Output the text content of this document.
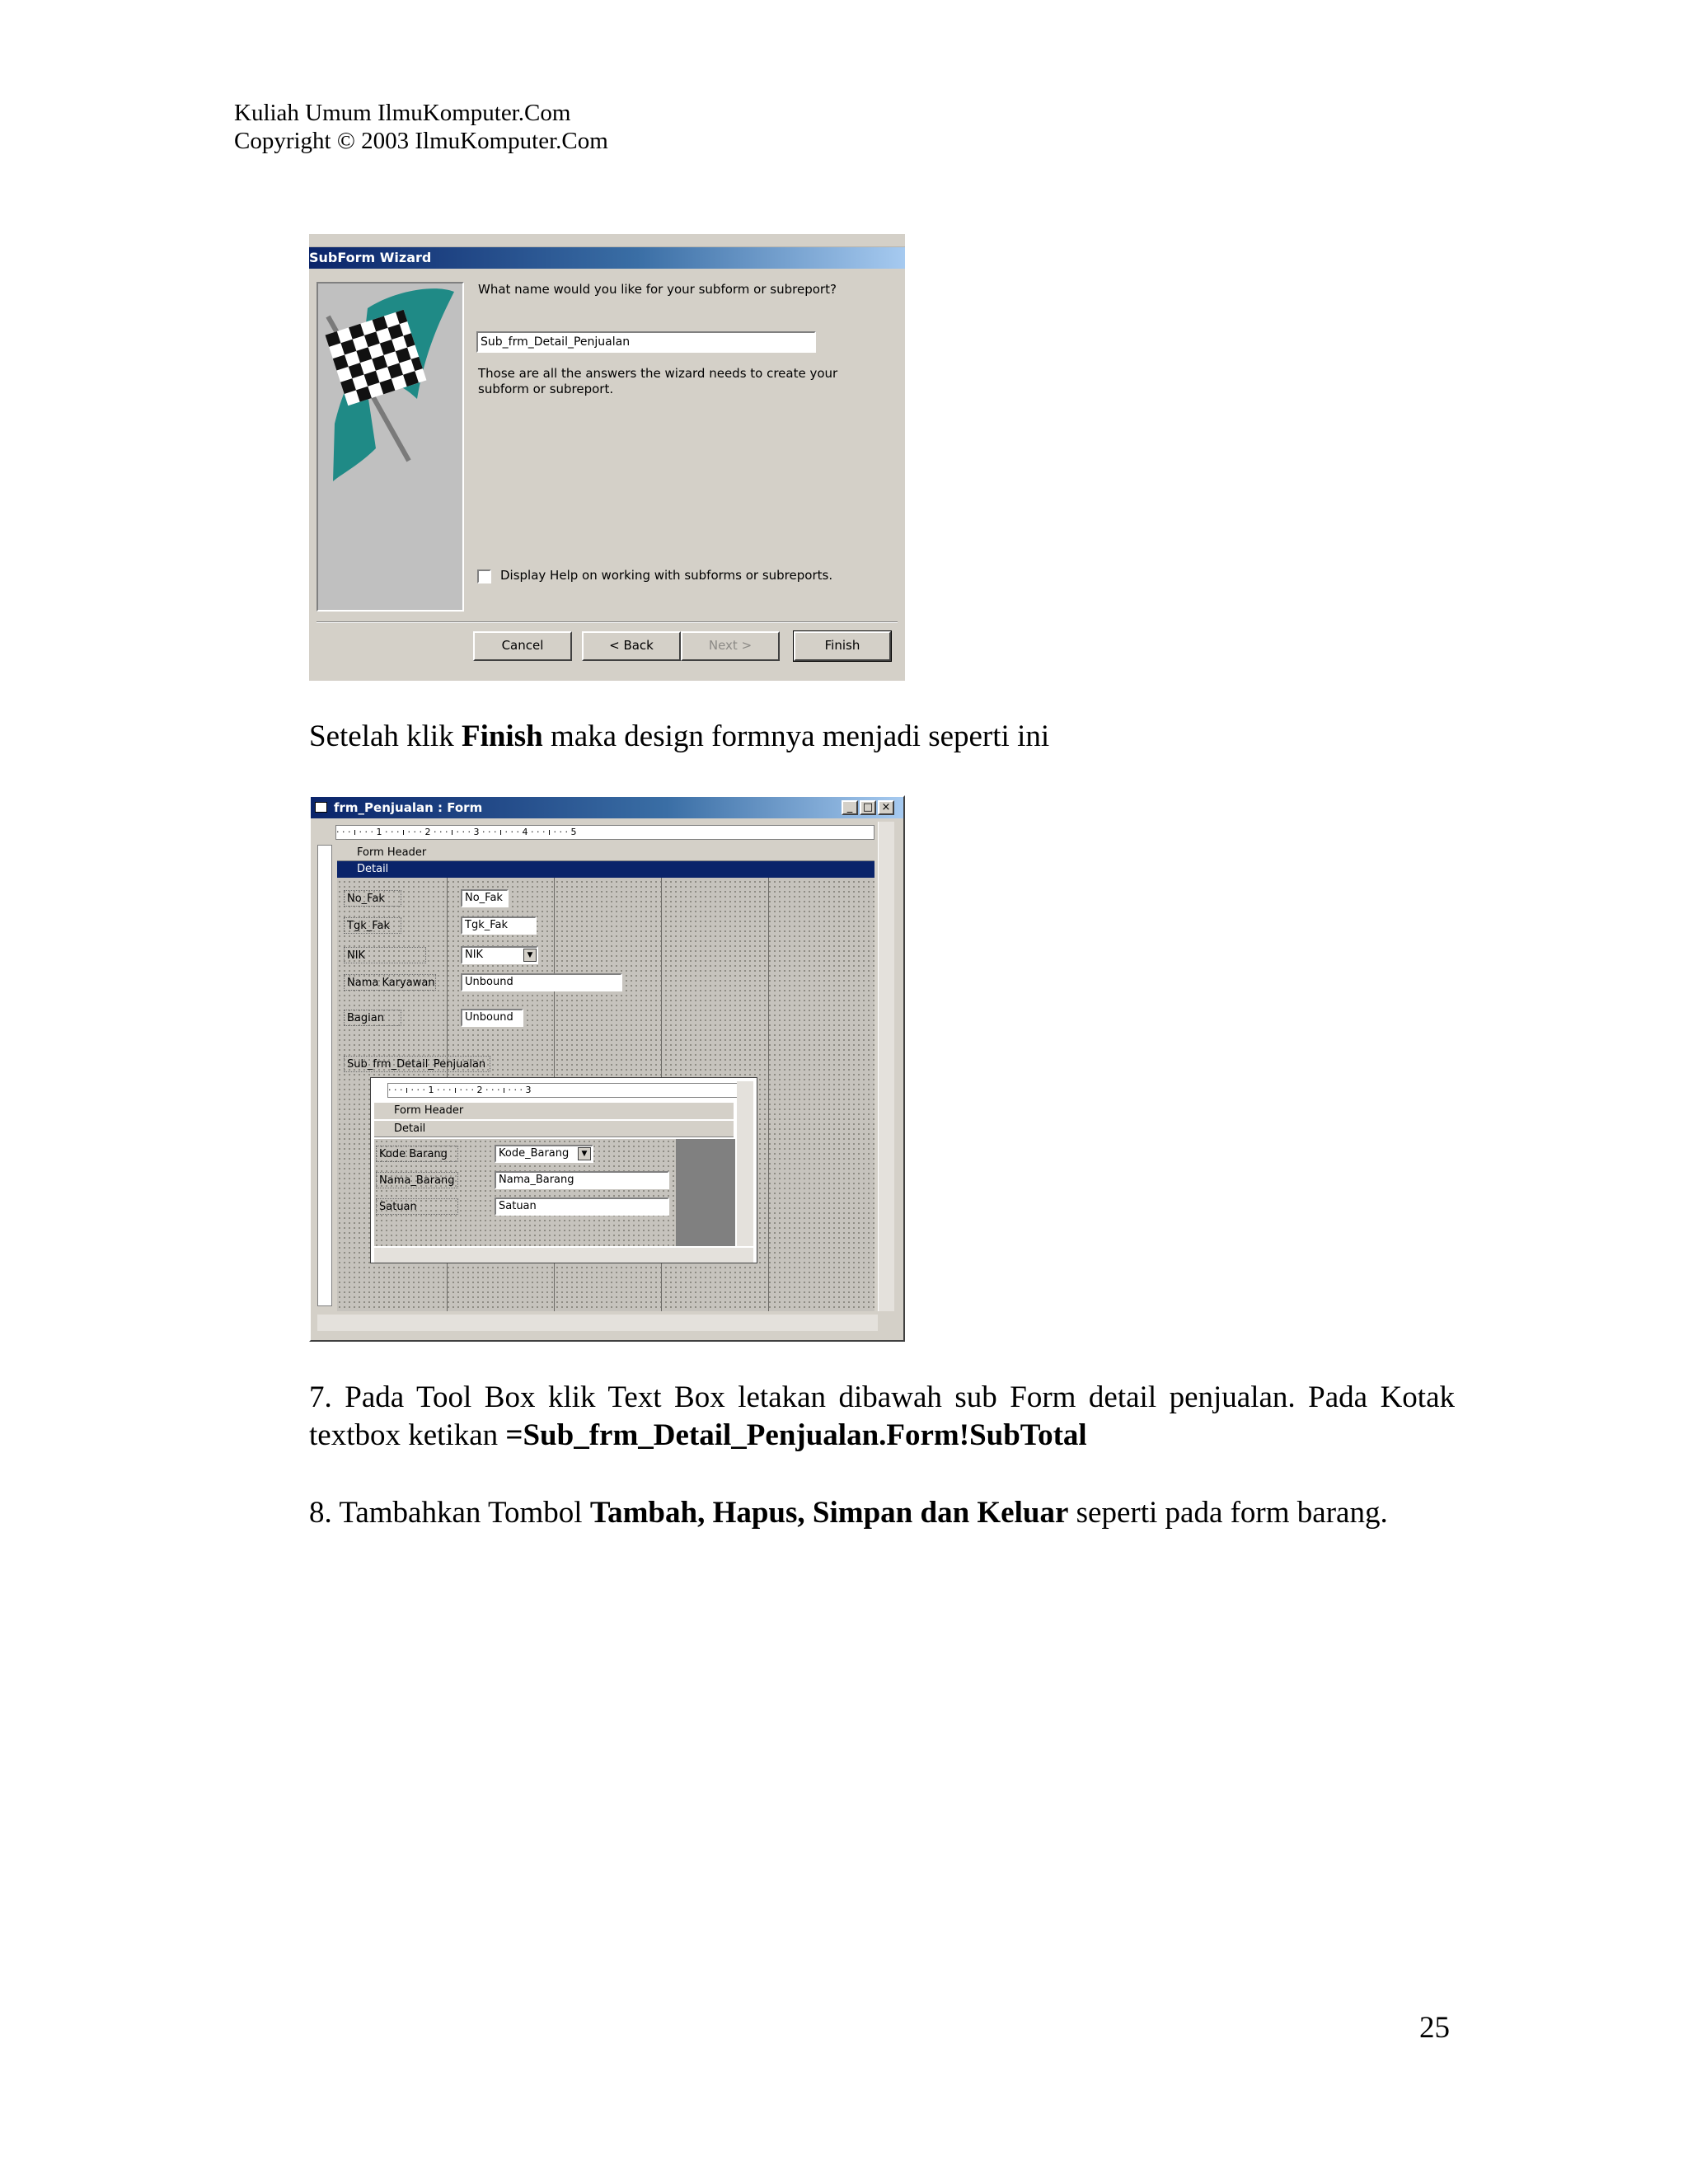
Kuliah Umum IlmuKomputer.Com
Copyright © 2003 IlmuKomputer.Com
SubForm Wizard
What name would you like for your subform or subreport?
Sub_frm_Detail_Penjualan
Those are all the answers the wizard needs to create your subform or subreport.
Display Help on working with subforms or subreports.
Cancel	< Back	Next >	Finish
Setelah klik Finish maka design formnya menjadi seperti ini
frm_Penjualan : Form	_ □ ×
· · · ı · · · 1 · · · ı · · · 2 · · · ı · · · 3 · · · ı · · · 4 · · · ı · · · 5
Form Header
Detail
No_Fak	No_Fak
Tgk_Fak	Tgk_Fak
NIK	NIK	▼
Nama Karyawan	Unbound
Bagian	Unbound
Sub_frm_Detail_Penjualan
· · · ı · · · 1 · · · ı · · · 2 · · · ı · · · 3
Form Header
Detail
Kode Barang	Kode_Barang	▼
Nama_Barang	Nama_Barang
Satuan	Satuan
7. Pada Tool Box klik Text Box letakan dibawah sub Form detail penjualan. Pada Kotak textbox ketikan =Sub_frm_Detail_Penjualan.Form!SubTotal
8. Tambahkan Tombol Tambah, Hapus, Simpan dan Keluar seperti pada form barang.
25
